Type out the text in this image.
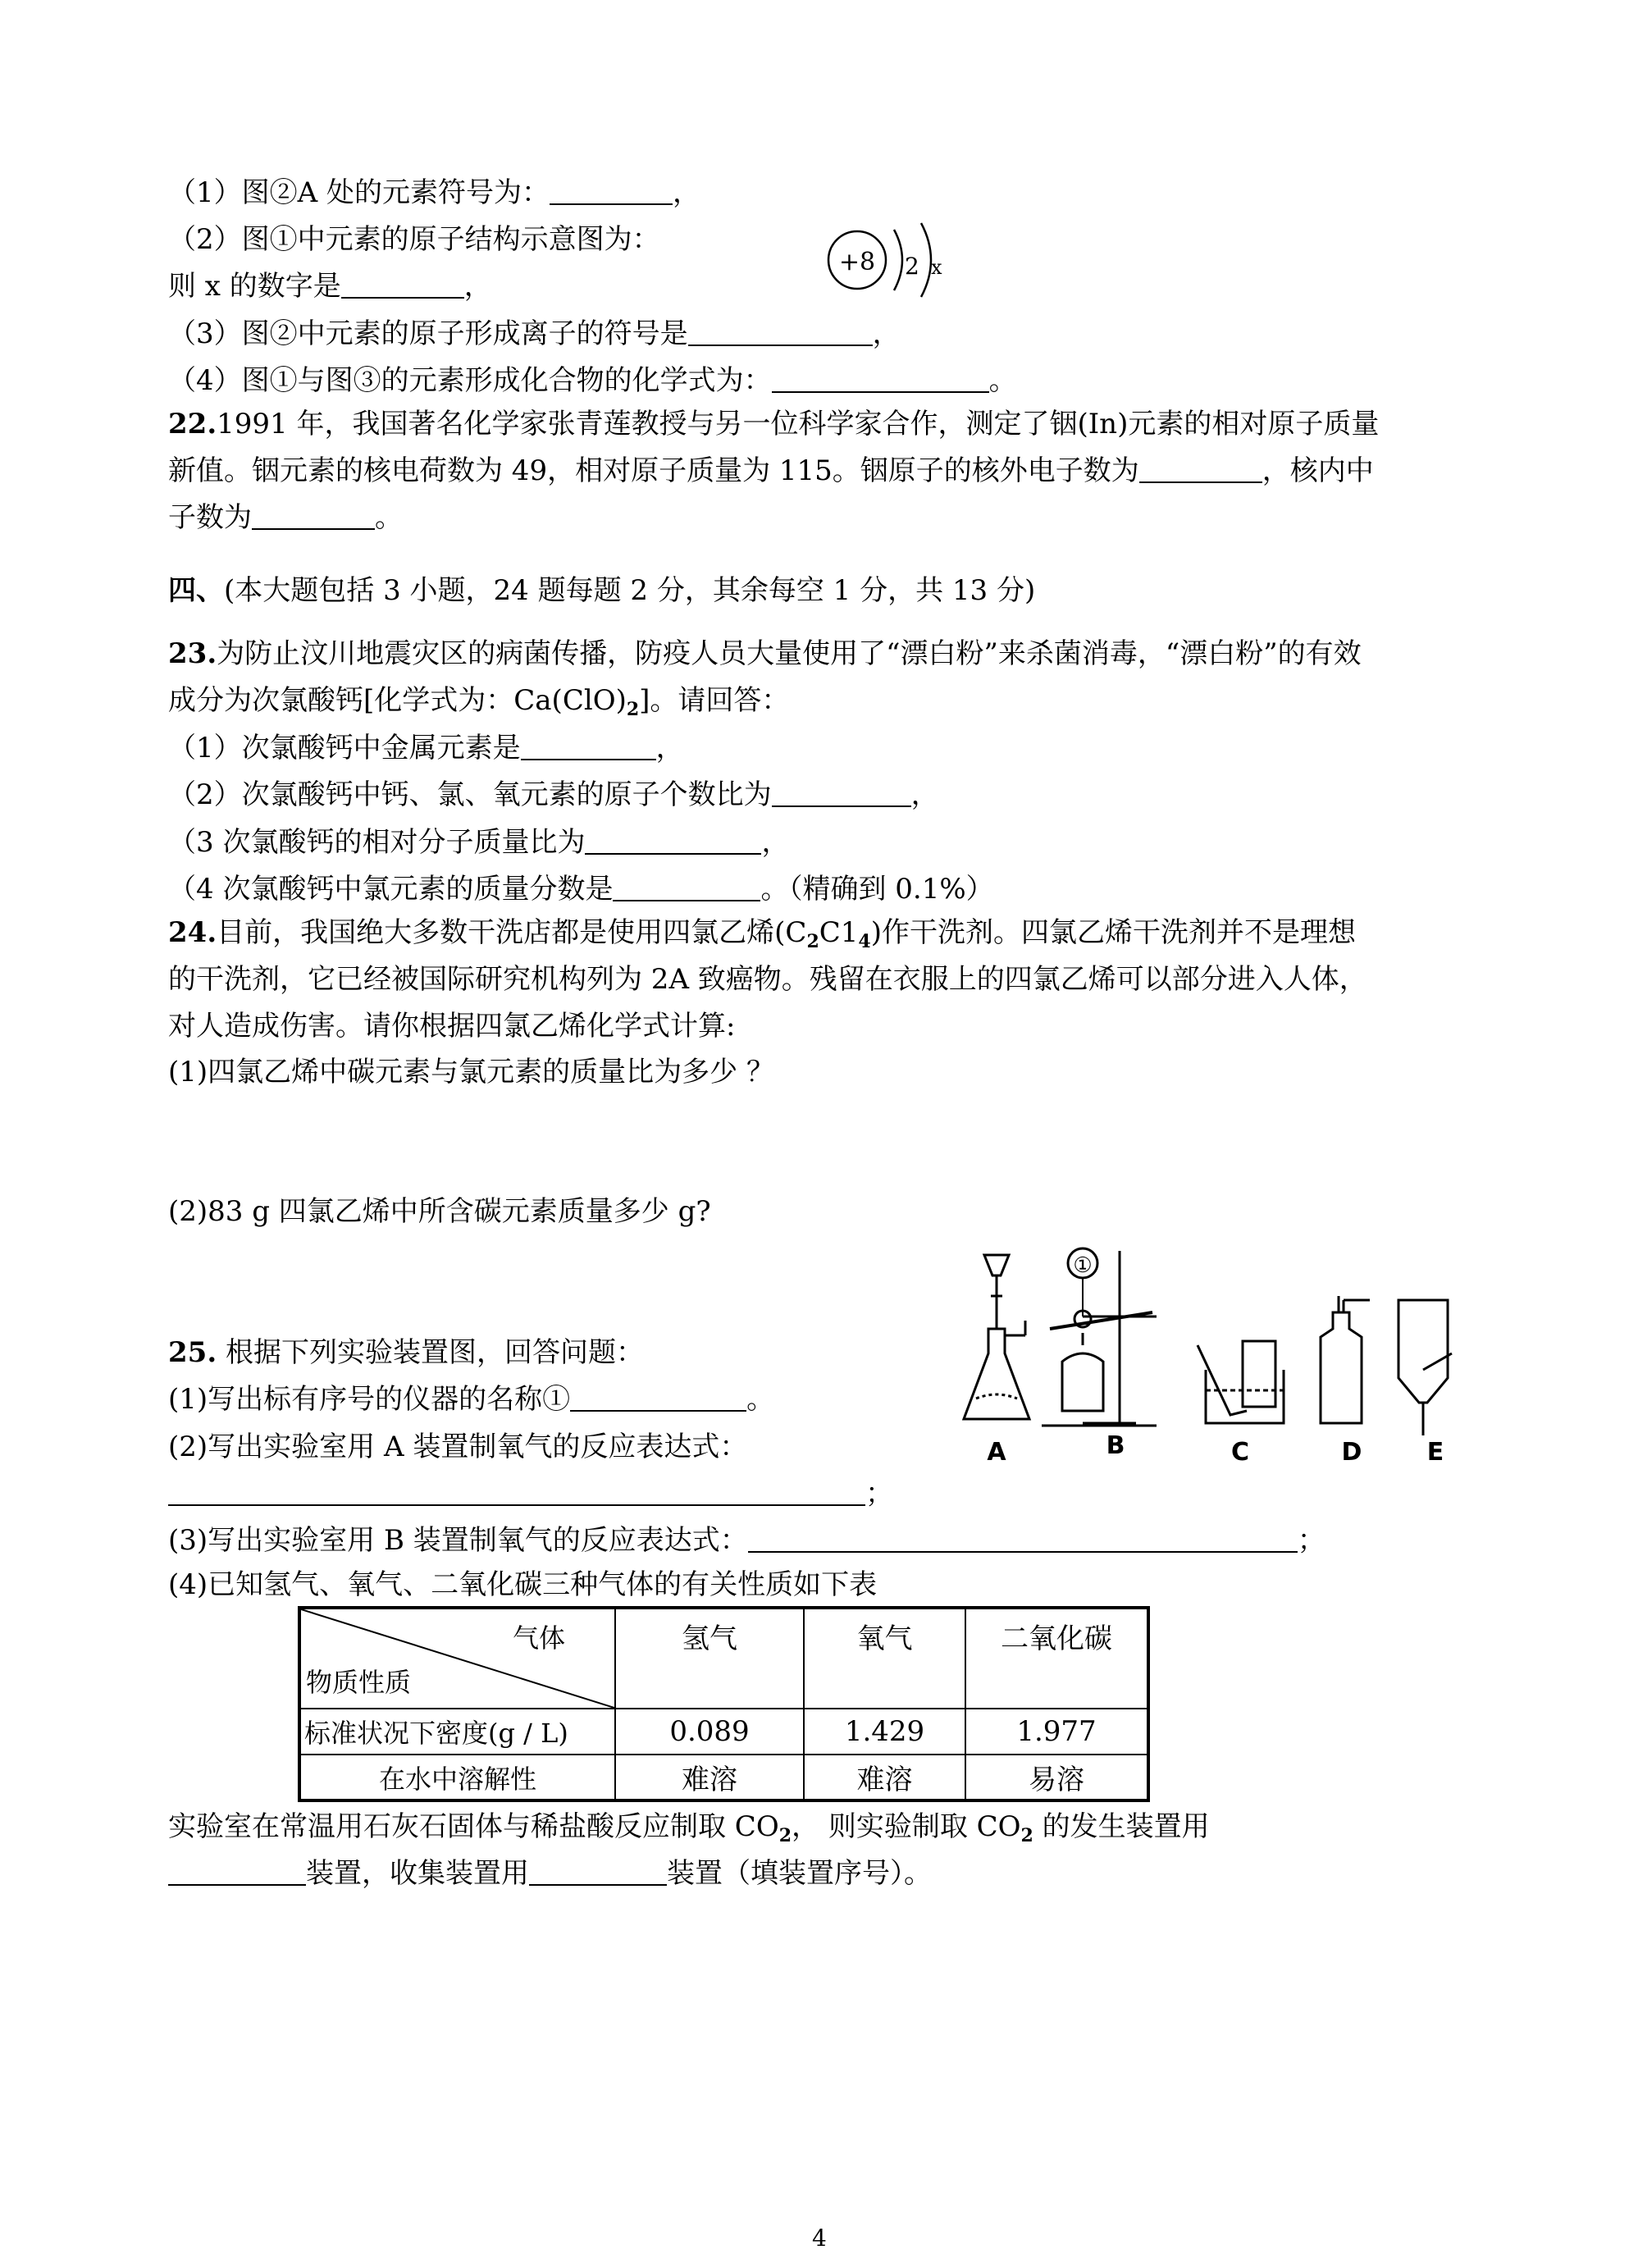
（1）图②A 处的元素符号为：	，
（2）图①中元素的原子结构示意图为：
则 x 的数字是	，
（3）图②中元素的原子形成离子的符号是	，
（4）图①与图③的元素形成化合物的化学式为：	。
+8 2 x
22.1991 年，我国著名化学家张青莲教授与另一位科学家合作，测定了铟(In)元素的相对原子质量
新值。铟元素的核电荷数为 49，相对原子质量为 115。铟原子的核外电子数为	，核内中
子数为	。
四、(本大题包括 3 小题，24 题每题 2 分，其余每空 1 分，共 13 分)
23.为防止汶川地震灾区的病菌传播，防疫人员大量使用了“漂白粉”来杀菌消毒，“漂白粉”的有效
成分为次氯酸钙[化学式为：$Ca(ClO)_2$]。请回答：
（1）次氯酸钙中金属元素是	，
（2）次氯酸钙中钙、氯、氧元素的原子个数比为	，
（3 次氯酸钙的相对分子质量比为	，
（4 次氯酸钙中氯元素的质量分数是	。（精确到 0.1%）
24.目前，我国绝大多数干洗店都是使用四氯乙烯$(C_2C1_4)$作干洗剂。四氯乙烯干洗剂并不是理想
的干洗剂，它已经被国际研究机构列为 2A 致癌物。残留在衣服上的四氯乙烯可以部分进入人体，
对人造成伤害。请你根据四氯乙烯化学式计算:
(1)四氯乙烯中碳元素与氯元素的质量比为多少 ？
(2)83 g 四氯乙烯中所含碳元素质量多少 g?
①
A	B	C	D	E
25. 根据下列实验装置图，回答问题：
(1)写出标有序号的仪器的名称①	。
(2)写出实验室用 A 装置制氧气的反应表达式：
；
(3)写出实验室用 B 装置制氧气的反应表达式：	；
(4)已知氢气、氧气、二氧化碳三种气体的有关性质如下表
气体
物质性质	氢气	氧气	二氧化碳
标准状况下密度(g / L)	0.089	1.429	1.977
在水中溶解性	难溶	难溶	易溶
实验室在常温用石灰石固体与稀盐酸反应制取 $CO_2$， 则实验制取 $CO_2$ 的发生装置用
装置，收集装置用	装置（填装置序号）。
4
